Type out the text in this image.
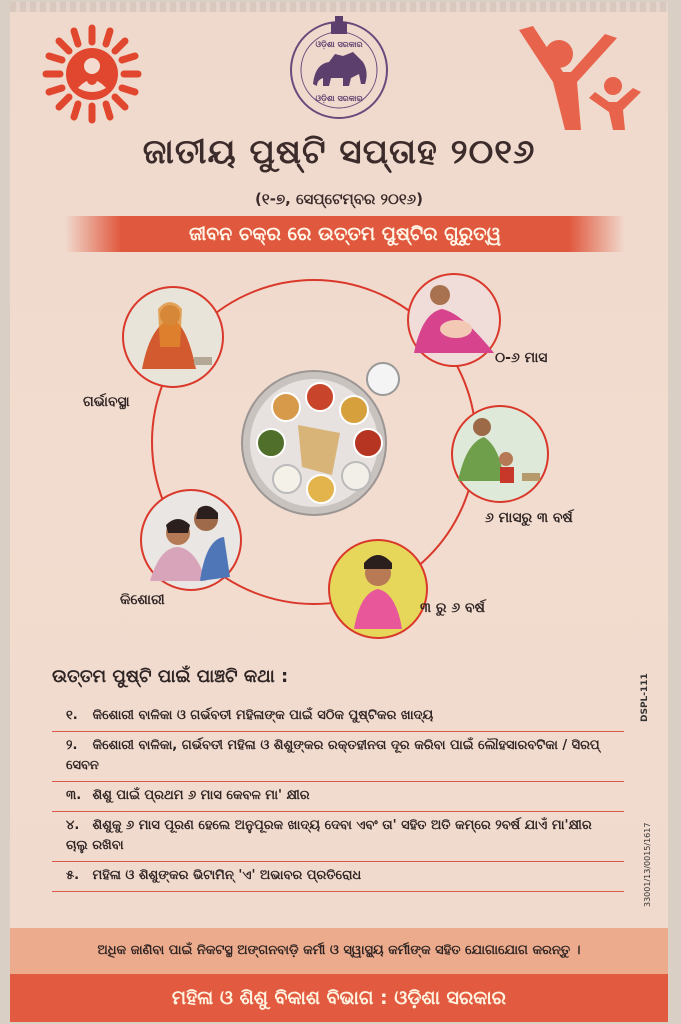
ଓଡ଼ିଶା ସରକାର
ଓଡ଼ିଶା ସରକାର
ଜାତୀୟ ପୁଷ୍ଟି ସପ୍ତାହ ୨୦୧୬
(୧-୭, ସେପ୍ଟେମ୍ବର ୨୦୧୬)
ଜୀବନ ଚକ୍ର ରେ ଉତ୍ତମ ପୁଷ୍ଟିର ଗୁରୁତ୍ୱ
ଗର୍ଭାବସ୍ଥା
୦-୬ ମାସ
୬ ମାସରୁ ୩ ବର୍ଷ
୩ ରୁ ୬ ବର୍ଷ
କିଶୋରୀ
ଉତ୍ତମ ପୁଷ୍ଟି ପାଇଁ ପାଞ୍ଚଟି କଥା :
୧. କିଶୋରୀ ବାଳିକା ଓ ଗର୍ଭବତୀ ମହିଳାଙ୍କ ପାଇଁ ସଠିକ ପୁଷ୍ଟିକର ଖାଦ୍ୟ
୨. କିଶୋରୀ ବାଳିକା, ଗର୍ଭବତୀ ମହିଳା ଓ ଶିଶୁଙ୍କର ରକ୍ତହୀନତା ଦୂର କରିବା ପାଇଁ ଲୌହସାରବଟିକା / ସିରପ୍ ସେବନ
୩. ଶିଶୁ ପାଇଁ ପ୍ରଥମ ୬ ମାସ କେବଳ ମା' କ୍ଷୀର
୪. ଶିଶୁକୁ ୬ ମାସ ପୂରଣ ହେଲେ ଅନୁପୂରକ ଖାଦ୍ୟ ଦେବା ଏବଂ ତା' ସହିତ ଅତି କମ୍‌ରେ ୨ବର୍ଷ ଯାଏଁ ମା'କ୍ଷୀର ଚାଲୁ ରଖିବା
୫. ମହିଳା ଓ ଶିଶୁଙ୍କର ଭିଟାମିନ୍ 'ଏ' ଅଭାବର ପ୍ରତିରୋଧ
DSPL-111
33001/13/0015/1617
ଅଧିକ ଜାଣିବା ପାଇଁ ନିକଟସ୍ଥ ଅଙ୍ଗନବାଡ଼ି କର୍ମୀ ଓ ସ୍ୱାସ୍ଥ୍ୟ କର୍ମୀଙ୍କ ସହିତ ଯୋଗାଯୋଗ କରନ୍ତୁ ।
ମହିଳା ଓ ଶିଶୁ ବିକାଶ ବିଭାଗ : ଓଡ଼ିଶା ସରକାର
